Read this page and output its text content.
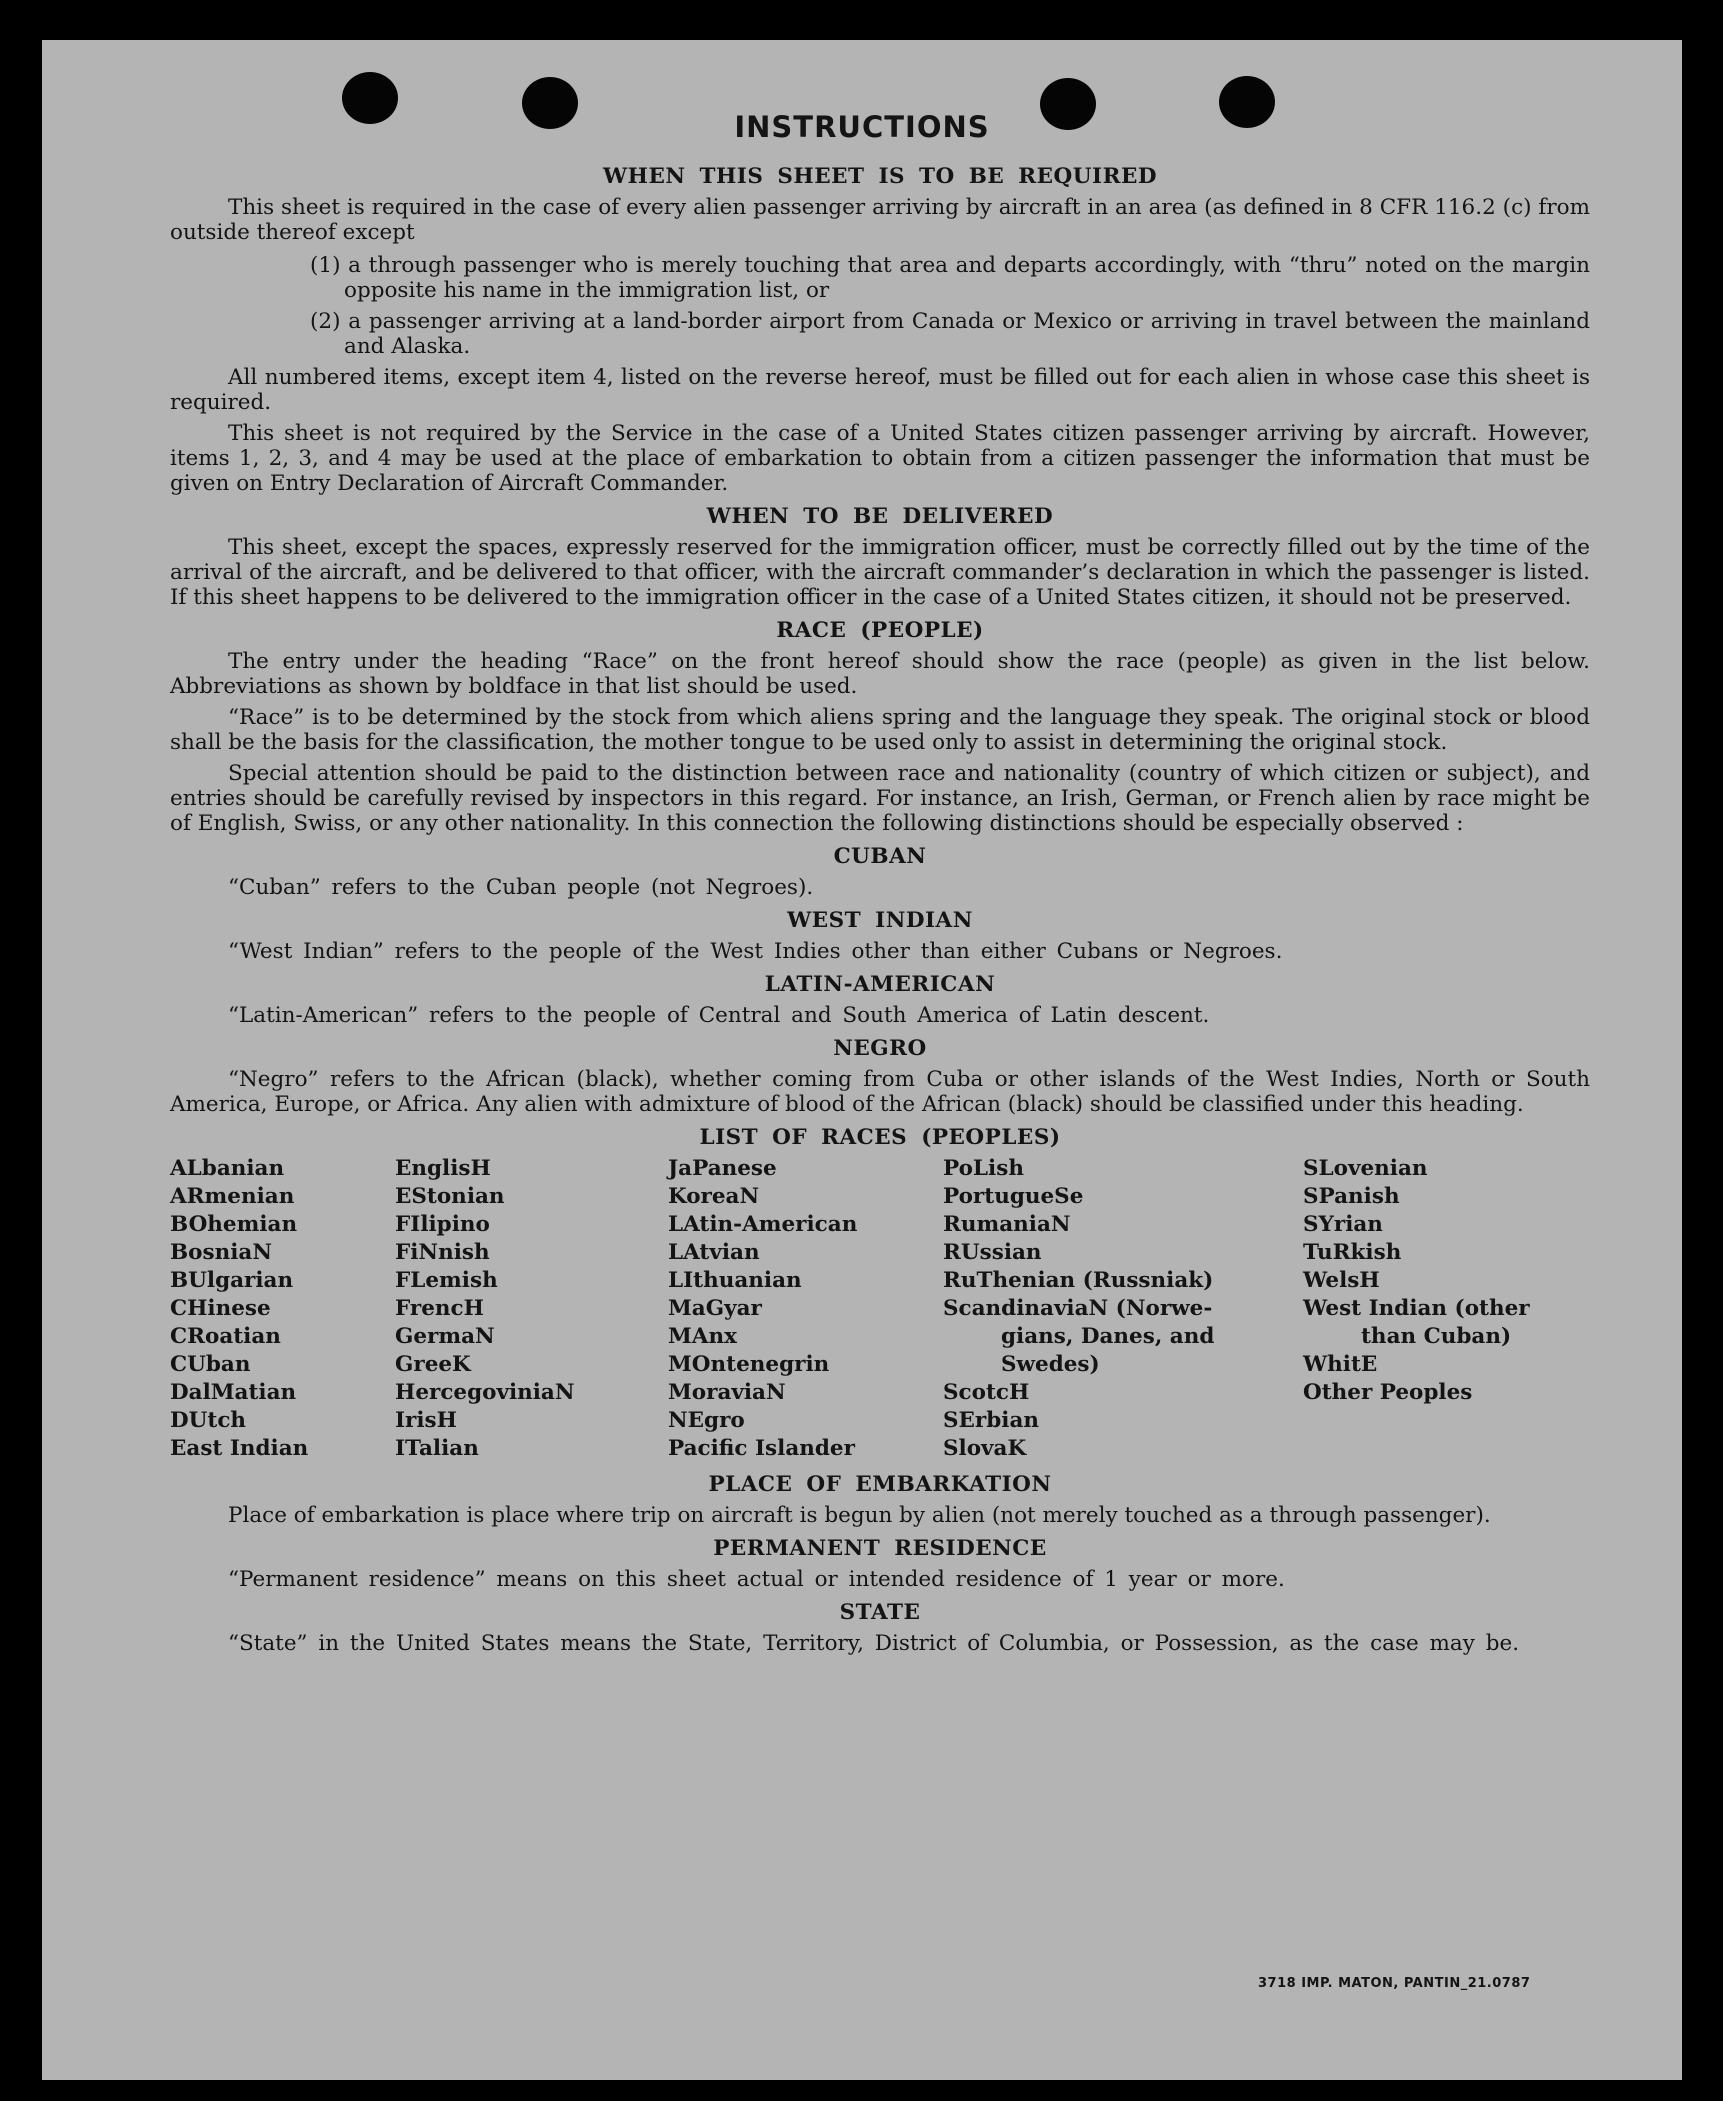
INSTRUCTIONS
WHEN THIS SHEET IS TO BE REQUIRED

This sheet is required in the case of every alien passenger arriving by aircraft in an area (as defined in 8 CFR 116.2 (c) from outside thereof except

(1) a through passenger who is merely touching that area and departs accordingly, with “thru” noted on the margin opposite his name in the immigration list, or

(2) a passenger arriving at a land-border airport from Canada or Mexico or arriving in travel between the mainland and Alaska.

All numbered items, except item 4, listed on the reverse hereof, must be filled out for each alien in whose case this sheet is required.

This sheet is not required by the Service in the case of a United States citizen passenger arriving by aircraft. However, items 1, 2, 3, and 4 may be used at the place of embarkation to obtain from a citizen passenger the information that must be given on Entry Declaration of Aircraft Commander.

WHEN TO BE DELIVERED

This sheet, except the spaces, expressly reserved for the immigration officer, must be correctly filled out by the time of the arrival of the aircraft, and be delivered to that officer, with the aircraft commander’s declaration in which the passenger is listed. If this sheet happens to be delivered to the immigration officer in the case of a United States citizen, it should not be preserved.

RACE (PEOPLE)

The entry under the heading “Race” on the front hereof should show the race (people) as given in the list below. Abbreviations as shown by boldface in that list should be used.

“Race” is to be determined by the stock from which aliens spring and the language they speak. The original stock or blood shall be the basis for the classification, the mother tongue to be used only to assist in determining the original stock.

Special attention should be paid to the distinction between race and nationality (country of which citizen or subject), and entries should be carefully revised by inspectors in this regard. For instance, an Irish, German, or French alien by race might be of English, Swiss, or any other nationality. In this connection the following distinctions should be especially observed :

CUBAN

“Cuban” refers to the Cuban people (not Negroes).

WEST INDIAN

“West Indian” refers to the people of the West Indies other than either Cubans or Negroes.

LATIN-AMERICAN

“Latin-American” refers to the people of Central and South America of Latin descent.

NEGRO

“Negro” refers to the African (black), whether coming from Cuba or other islands of the West Indies, North or South America, Europe, or Africa. Any alien with admixture of blood of the African (black) should be classified under this heading.

LIST OF RACES (PEOPLES)
ALbanian
ARmenian
BOhemian
BosniaN
BUlgarian
CHinese
CRoatian
CUban
DalMatian
DUtch
East Indian
EnglisH
EStonian
FIlipino
FiNnish
FLemish
FrencH
GermaN
GreeK
HercegoviniaN
IrisH
ITalian
JaPanese
KoreaN
LAtin-American
LAtvian
LIthuanian
MaGyar
MAnx
MOntenegrin
MoraviaN
NEgro
Pacific Islander
PoLish
PortugueSe
RumaniaN
RUssian
RuThenian (Russniak)
ScandinaviaN (Norwe-
gians, Danes, and
Swedes)
ScotcH
SErbian
SlovaK
SLovenian
SPanish
SYrian
TuRkish
WelsH
West Indian (other
than Cuban)
WhitE
Other Peoples
PLACE OF EMBARKATION

Place of embarkation is place where trip on aircraft is begun by alien (not merely touched as a through passenger).

PERMANENT RESIDENCE

“Permanent residence” means on this sheet actual or intended residence of 1 year or more.

STATE

“State” in the United States means the State, Territory, District of Columbia, or Possession, as the case may be.

3718 IMP. MATON, PANTIN_21.0787
